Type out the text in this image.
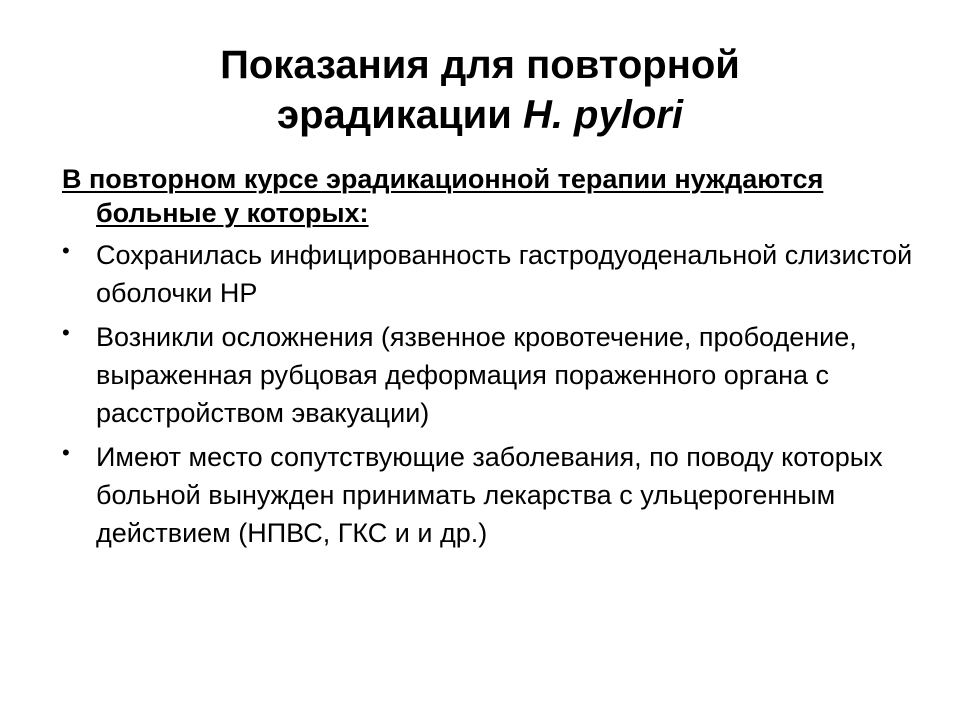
Показания для повторной
эрадикации H. pylori

В повторном курсе эрадикационной терапии нуждаются больные у которых:

• Сохранилась инфицированность гастродуоденальной слизистой оболочки НР
• Возникли осложнения (язвенное кровотечение, прободение, выраженная рубцовая деформация пораженного органа с расстройством эвакуации)
• Имеют место сопутствующие заболевания, по поводу которых больной вынужден принимать лекарства с ульцерогенным действием (НПВС, ГКС и и др.)
